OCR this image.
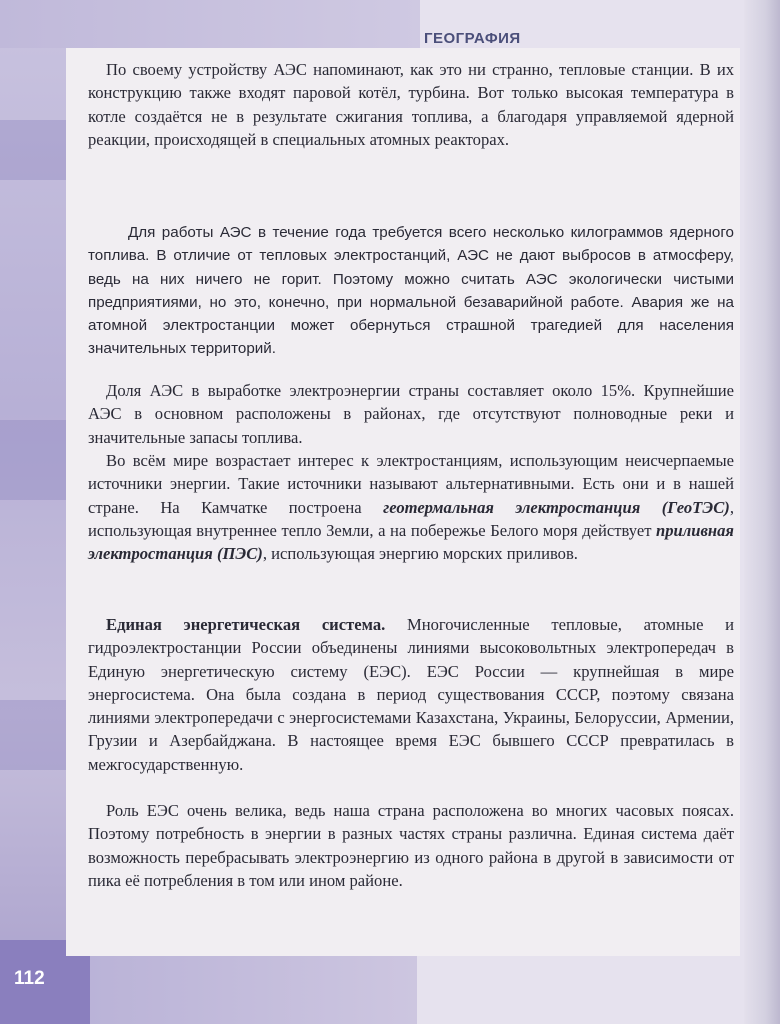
ГЕОГРАФИЯ

По своему устройству АЭС напоминают, как это ни странно, тепловые станции. В их конструкцию также входят паровой котёл, турбина. Вот только высокая температура в котле создаётся не в результате сжигания топлива, а благодаря управляемой ядерной реакции, происходящей в специальных атомных реакторах.

Для работы АЭС в течение года требуется всего несколько килограммов ядерного топлива. В отличие от тепловых электростанций, АЭС не дают выбросов в атмосферу, ведь на них ничего не горит. Поэтому можно считать АЭС экологически чистыми предприятиями, но это, конечно, при нормальной безаварийной работе. Авария же на атомной электростанции может обернуться страшной трагедией для населения значительных территорий.

Доля АЭС в выработке электроэнергии страны составляет около 15%. Крупнейшие АЭС в основном расположены в районах, где отсутствуют полноводные реки и значительные запасы топлива.

Во всём мире возрастает интерес к электростанциям, использующим неисчерпаемые источники энергии. Такие источники называют альтернативными. Есть они и в нашей стране. На Камчатке построена геотермальная электростанция (ГеоТЭС), использующая внутреннее тепло Земли, а на побережье Белого моря действует приливная электростанция (ПЭС), использующая энергию морских приливов.

Единая энергетическая система. Многочисленные тепловые, атомные и гидроэлектростанции России объединены линиями высоковольтных электропередач в Единую энергетическую систему (ЕЭС). ЕЭС России — крупнейшая в мире энергосистема. Она была создана в период существования СССР, поэтому связана линиями электропередачи с энергосистемами Казахстана, Украины, Белоруссии, Армении, Грузии и Азербайджана. В настоящее время ЕЭС бывшего СССР превратилась в межгосударственную.

Роль ЕЭС очень велика, ведь наша страна расположена во многих часовых поясах. Поэтому потребность в энергии в разных частях страны различна. Единая система даёт возможность перебрасывать электроэнергию из одного района в другой в зависимости от пика её потребления в том или ином районе.

112
